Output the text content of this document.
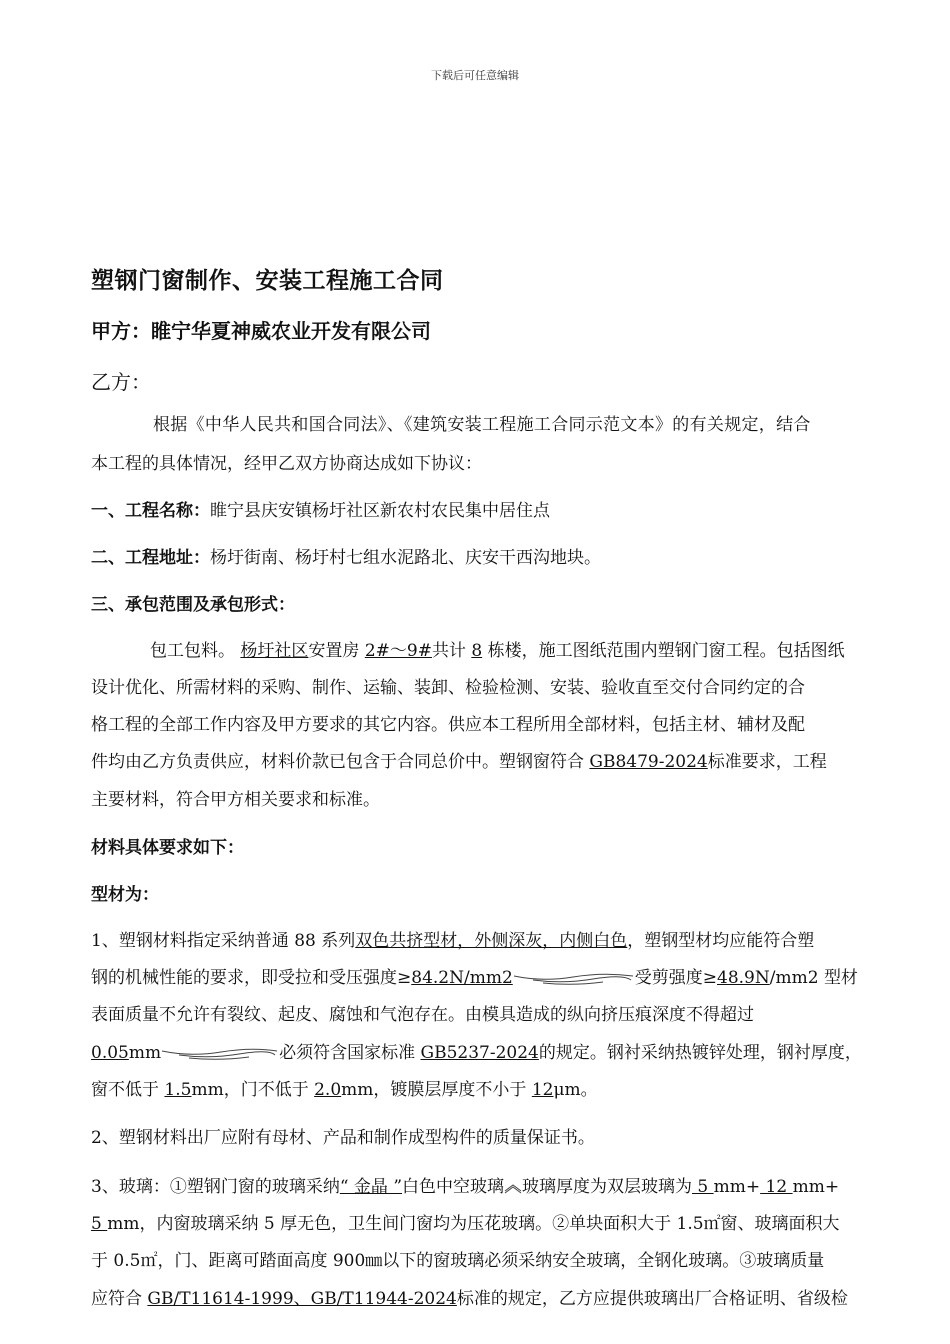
下载后可任意编辑
塑钢门窗制作、安装工程施工合同
甲方：睢宁华夏神威农业开发有限公司
乙方：
根据《中华人民共和国合同法》、《建筑安装工程施工合同示范文本》的有关规定，结合
本工程的具体情况，经甲乙双方协商达成如下协议：
一、工程名称：睢宁县庆安镇杨圩社区新农村农民集中居住点
二、工程地址：杨圩街南、杨圩村七组水泥路北、庆安干西沟地块。
三、承包范围及承包形式：
包工包料。 杨圩社区安置房 2#～9#共计 8 栋楼，施工图纸范围内塑钢门窗工程。包括图纸
设计优化、所需材料的采购、制作、运输、装卸、检验检测、安装、验收直至交付合同约定的合
格工程的全部工作内容及甲方要求的其它内容。供应本工程所用全部材料，包括主材、辅材及配
件均由乙方负责供应，材料价款已包含于合同总价中。塑钢窗符合 GB8479-2024标准要求，工程
主要材料，符合甲方相关要求和标准。
材料具体要求如下：
型材为：
1、塑钢材料指定采纳普通 88 系列双色共挤型材，外侧深灰，内侧白色，塑钢型材均应能符合塑
钢的机械性能的要求，即受拉和受压强度≥84.2N/mm2	受剪强度≥48.9N/mm2 型材
表面质量不允许有裂纹、起皮、腐蚀和气泡存在。由模具造成的纵向挤压痕深度不得超过
0.05mm	必须符含国家标准 GB5237-2024的规定。钢衬采纳热镀锌处理，钢衬厚度，
窗不低于 1.5mm，门不低于 2.0mm，镀膜层厚度不小于 12μm。
2、塑钢材料出厂应附有母材、产品和制作成型构件的质量保证书。
3、玻璃：①塑钢门窗的玻璃采纳“ 金晶 ”白色中空玻璃 玻璃厚度为双层玻璃为 5 mm+ 12 mm+
5 mm，内窗玻璃采纳 5 厚无色，卫生间门窗均为压花玻璃。②单块面积大于 1.5㎡窗、玻璃面积大
于 0.5㎡，门、距离可踏面高度 900㎜以下的窗玻璃必须采纳安全玻璃，全钢化玻璃。③玻璃质量
应符合 GB/T11614-1999、GB/T11944-2024标准的规定，乙方应提供玻璃出厂合格证明、省级检
